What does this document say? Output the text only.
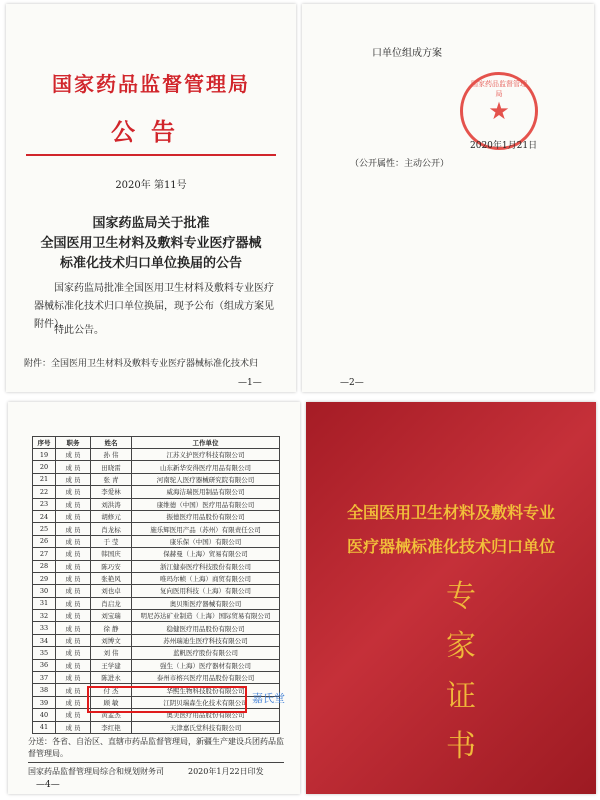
国家药品监督管理局
公告
2020年 第11号
国家药监局关于批准
全国医用卫生材料及敷料专业医疗器械
标准化技术归口单位换届的公告
国家药监局批准全国医用卫生材料及敷料专业医疗器械标准化技术归口单位换届，现予公布（组成方案见附件）。
特此公告。
附件：全国医用卫生材料及敷料专业医疗器械标准化技术归
—1—
口单位组成方案
国家药品监督管理局
★
2020年1月21日
（公开属性：主动公开）
—2—
序号	职务	姓名	工作单位
19	成 员	孙 伟	江苏义护医疗科技有限公司
20	成 员	田晓雷	山东新华安得医疗用品有限公司
21	成 员	张 青	河南驼人医疗器械研究院有限公司
22	成 员	李爱林	威海洁瑞医用制品有限公司
23	成 员	刘洪涛	康维德（中国）医疗用品有限公司
24	成 员	胡修元	振德医疗用品股份有限公司
25	成 员	肖龙标	施乐辉医用产品（苏州）有限责任公司
26	成 员	于 莹	康乐保（中国）有限公司
27	成 员	韩国庆	保赫曼（上海）贸易有限公司
28	成 员	陈巧安	浙江健泰医疗科技股份有限公司
29	成 员	张艳风	唯玛尔帧（上海）商贸有限公司
30	成 员	刘也卓	复向医用科技（上海）有限公司
31	成 员	肖启龙	奥贝斯医疗器械有限公司
32	成 员	刘宝瑞	明尼苏达矿业制造（上海）国际贸易有限公司
33	成 员	徐 静	稳健医疗用品股份有限公司
34	成 员	刘博文	苏州瑞迪生医疗科技有限公司
35	成 员	刘 伟	蓝帆医疗股份有限公司
36	成 员	王学建	强生（上海）医疗器材有限公司
37	成 员	陈进永	泰州市榕兴医疗用品股份有限公司
38	成 员	付 杰	华熙生物科技股份有限公司
39	成 员	顾 敏	江阴贝瑞森生化技术有限公司
40	成 员	黄孟杰	奥美医疗用品股份有限公司
41	成 员	李红艳	天津嘉氏堂科技有限公司
分送：各省、自治区、直辖市药品监督管理局，新疆生产建设兵团药品监督管理局。
国家药品监督管理局综合和规划财务司	2020年1月22日印发
—4—
嘉氏堂
全国医用卫生材料及敷料专业
医疗器械标准化技术归口单位
专
家
证
书
